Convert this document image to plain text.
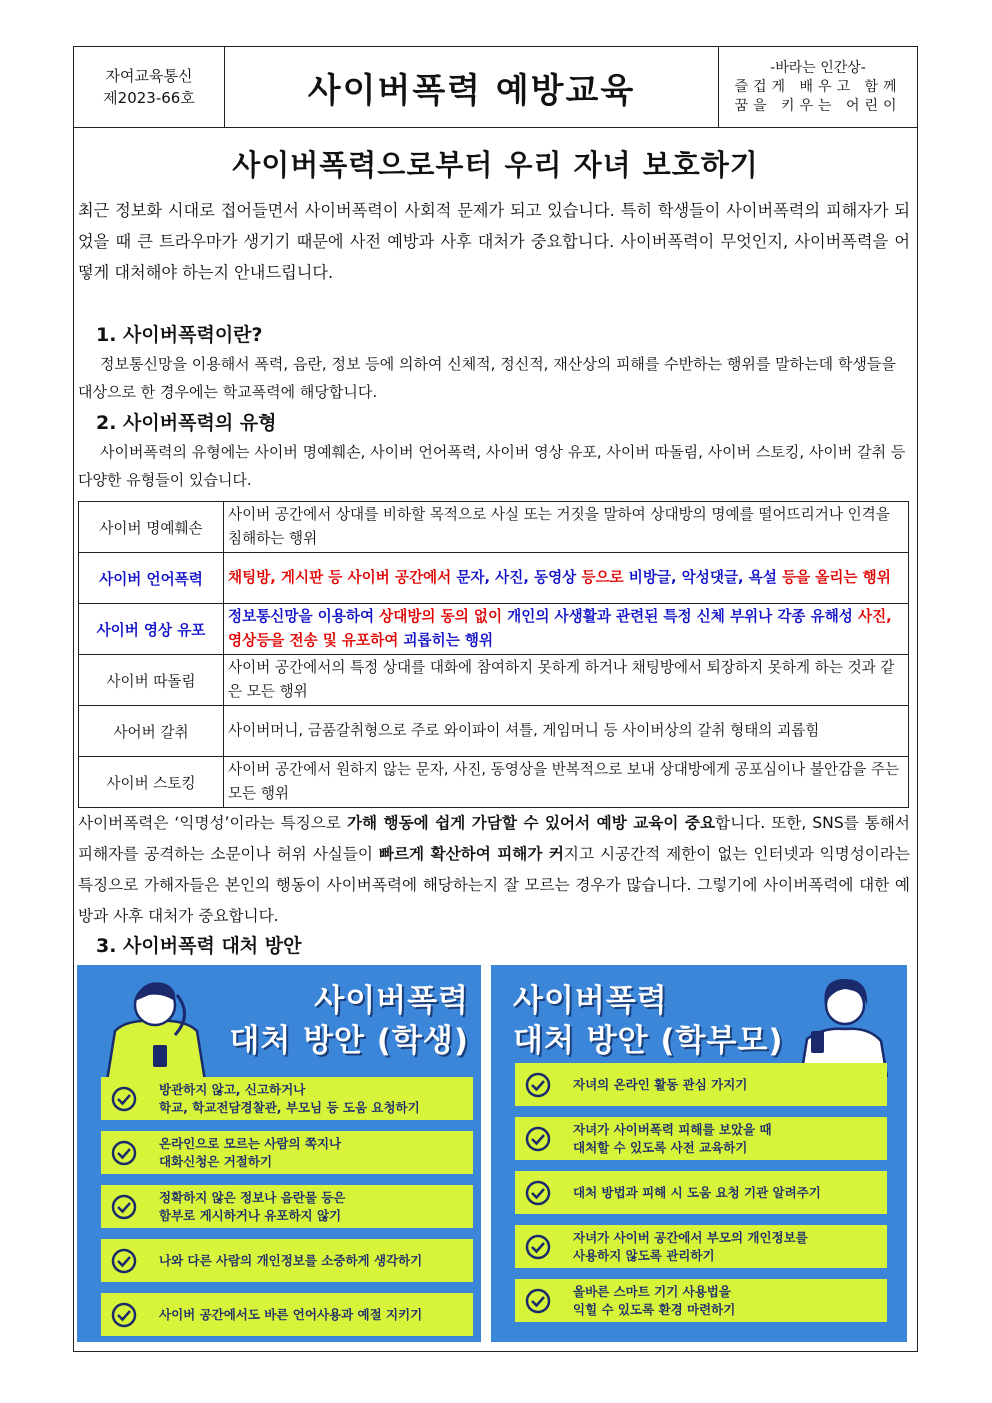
자여교육통신
제2023-66호	사이버폭력 예방교육
-바라는 인간상-
즐겁게 배우고 함께
꿈을 키우는 어린이
사이버폭력으로부터 우리 자녀 보호하기
최근 정보화 시대로 접어들면서 사이버폭력이 사회적 문제가 되고 있습니다. 특히 학생들이 사이버폭력의 피해자가 되었을 때 큰 트라우마가 생기기 때문에 사전 예방과 사후 대처가 중요합니다. 사이버폭력이 무엇인지, 사이버폭력을 어떻게 대처해야 하는지 안내드립니다.
1. 사이버폭력이란?
정보통신망을 이용해서 폭력, 음란, 정보 등에 의하여 신체적, 정신적, 재산상의 피해를 수반하는 행위를 말하는데 학생들을 대상으로 한 경우에는 학교폭력에 해당합니다.
2. 사이버폭력의 유형
사이버폭력의 유형에는 사이버 명예훼손, 사이버 언어폭력, 사이버 영상 유포, 사이버 따돌림, 사이버 스토킹, 사이버 갈취 등 다양한 유형들이 있습니다.
사이버 명예훼손	사이버 공간에서 상대를 비하할 목적으로 사실 또는 거짓을 말하여 상대방의 명예를 떨어뜨리거나 인격을 침해하는 행위
사이버 언어폭력	채팅방, 게시판 등 사이버 공간에서 문자, 사진, 동영상 등으로 비방글, 악성댓글, 욕설 등을 올리는 행위
사이버 영상 유포	정보통신망을 이용하여 상대방의 동의 없이 개인의 사생활과 관련된 특정 신체 부위나 각종 유해성 사진, 영상등을 전송 및 유포하여 괴롭히는 행위
사이버 따돌림	사이버 공간에서의 특정 상대를 대화에 참여하지 못하게 하거나 채팅방에서 퇴장하지 못하게 하는 것과 같은 모든 행위
사어버 갈취	사이버머니, 금품갈취형으로 주로 와이파이 셔틀, 게임머니 등 사이버상의 갈취 형태의 괴롭힘
사이버 스토킹	사이버 공간에서 원하지 않는 문자, 사진, 동영상을 반복적으로 보내 상대방에게 공포심이나 불안감을 주는 모든 행위
사이버폭력은 ‘익명성’이라는 특징으로 가해 행동에 쉽게 가담할 수 있어서 예방 교육이 중요합니다. 또한, SNS를 통해서 피해자를 공격하는 소문이나 허위 사실들이 빠르게 확산하여 피해가 커지고 시공간적 제한이 없는 인터넷과 익명성이라는 특징으로 가해자들은 본인의 행동이 사이버폭력에 해당하는지 잘 모르는 경우가 많습니다. 그렇기에 사이버폭력에 대한 예방과 사후 대처가 중요합니다.
3. 사이버폭력 대처 방안
사이버폭력
대처 방안 (학생)
방관하지 않고, 신고하거나
학교, 학교전담경찰관, 부모님 등 도움 요청하기
온라인으로 모르는 사람의 쪽지나
대화신청은 거절하기
정확하지 않은 정보나 음란물 등은
함부로 게시하거나 유포하지 않기
나와 다른 사람의 개인정보를 소중하게 생각하기
사이버 공간에서도 바른 언어사용과 예절 지키기
사이버폭력
대처 방안 (학부모)
자녀의 온라인 활동 관심 가지기
자녀가 사이버폭력 피해를 보았을 때
대처할 수 있도록 사전 교육하기
대처 방법과 피해 시 도움 요청 기관 알려주기
자녀가 사이버 공간에서 부모의 개인정보를
사용하지 않도록 관리하기
올바른 스마트 기기 사용법을
익힐 수 있도록 환경 마련하기
